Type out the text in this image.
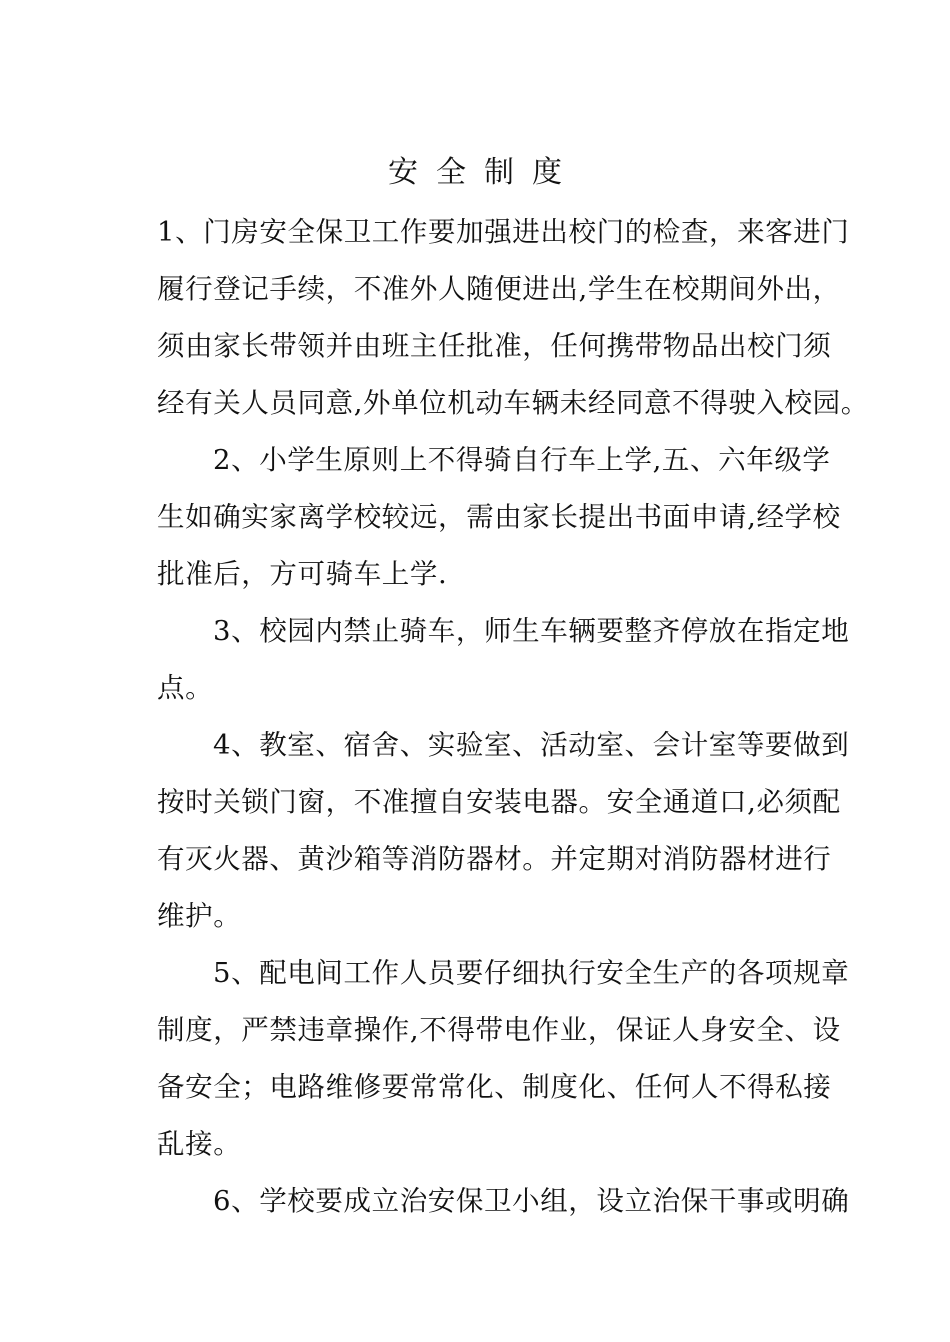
安全制度
1、门房安全保卫工作要加强进出校门的检查，来客进门
履行登记手续，不准外人随便进出,学生在校期间外出，
须由家长带领并由班主任批准，任何携带物品出校门须
经有关人员同意,外单位机动车辆未经同意不得驶入校园。
2、小学生原则上不得骑自行车上学,五、六年级学
生如确实家离学校较远，需由家长提出书面申请,经学校
批准后，方可骑车上学.
3、校园内禁止骑车，师生车辆要整齐停放在指定地
点。
4、教室、宿舍、实验室、活动室、会计室等要做到
按时关锁门窗，不准擅自安装电器。安全通道口,必须配
有灭火器、黄沙箱等消防器材。并定期对消防器材进行
维护。
5、配电间工作人员要仔细执行安全生产的各项规章
制度，严禁违章操作,不得带电作业，保证人身安全、设
备安全；电路维修要常常化、制度化、任何人不得私接
乱接。
6、学校要成立治安保卫小组，设立治保干事或明确
